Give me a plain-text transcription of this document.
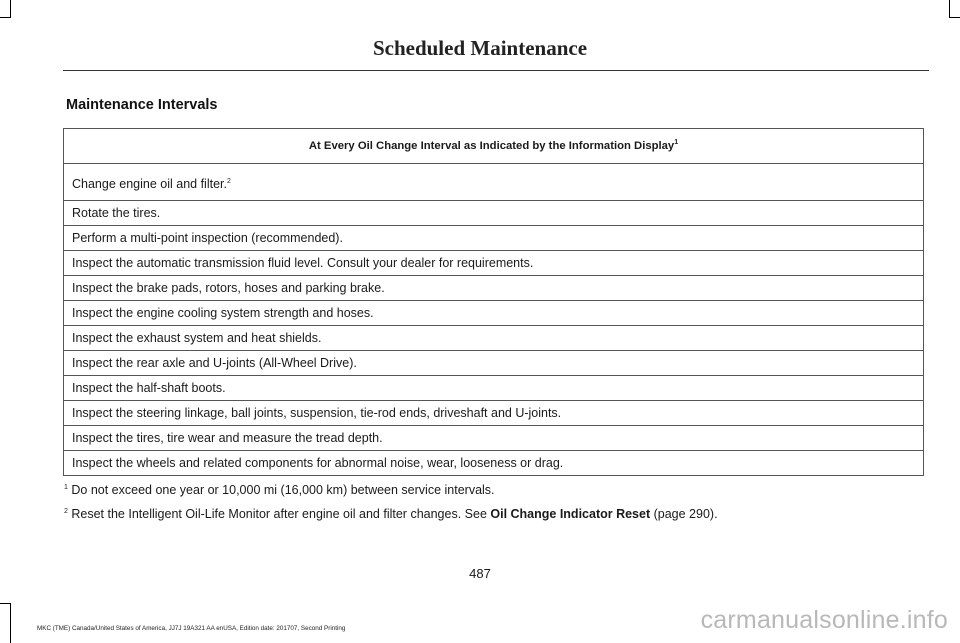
Scheduled Maintenance
Maintenance Intervals
At Every Oil Change Interval as Indicated by the Information Display$^1$
Change engine oil and filter.$^2$
Rotate the tires.
Perform a multi-point inspection (recommended).
Inspect the automatic transmission fluid level. Consult your dealer for requirements.
Inspect the brake pads, rotors, hoses and parking brake.
Inspect the engine cooling system strength and hoses.
Inspect the exhaust system and heat shields.
Inspect the rear axle and U-joints (All-Wheel Drive).
Inspect the half-shaft boots.
Inspect the steering linkage, ball joints, suspension, tie-rod ends, driveshaft and U-joints.
Inspect the tires, tire wear and measure the tread depth.
Inspect the wheels and related components for abnormal noise, wear, looseness or drag.
$^1$ Do not exceed one year or 10,000 mi (16,000 km) between service intervals.
$^2$ Reset the Intelligent Oil-Life Monitor after engine oil and filter changes. See Oil Change Indicator Reset (page 290).
487
MKC (TME) Canada/United States of America, JJ7J 19A321 AA enUSA, Edition date: 201707, Second Printing	carmanualsonline.info
